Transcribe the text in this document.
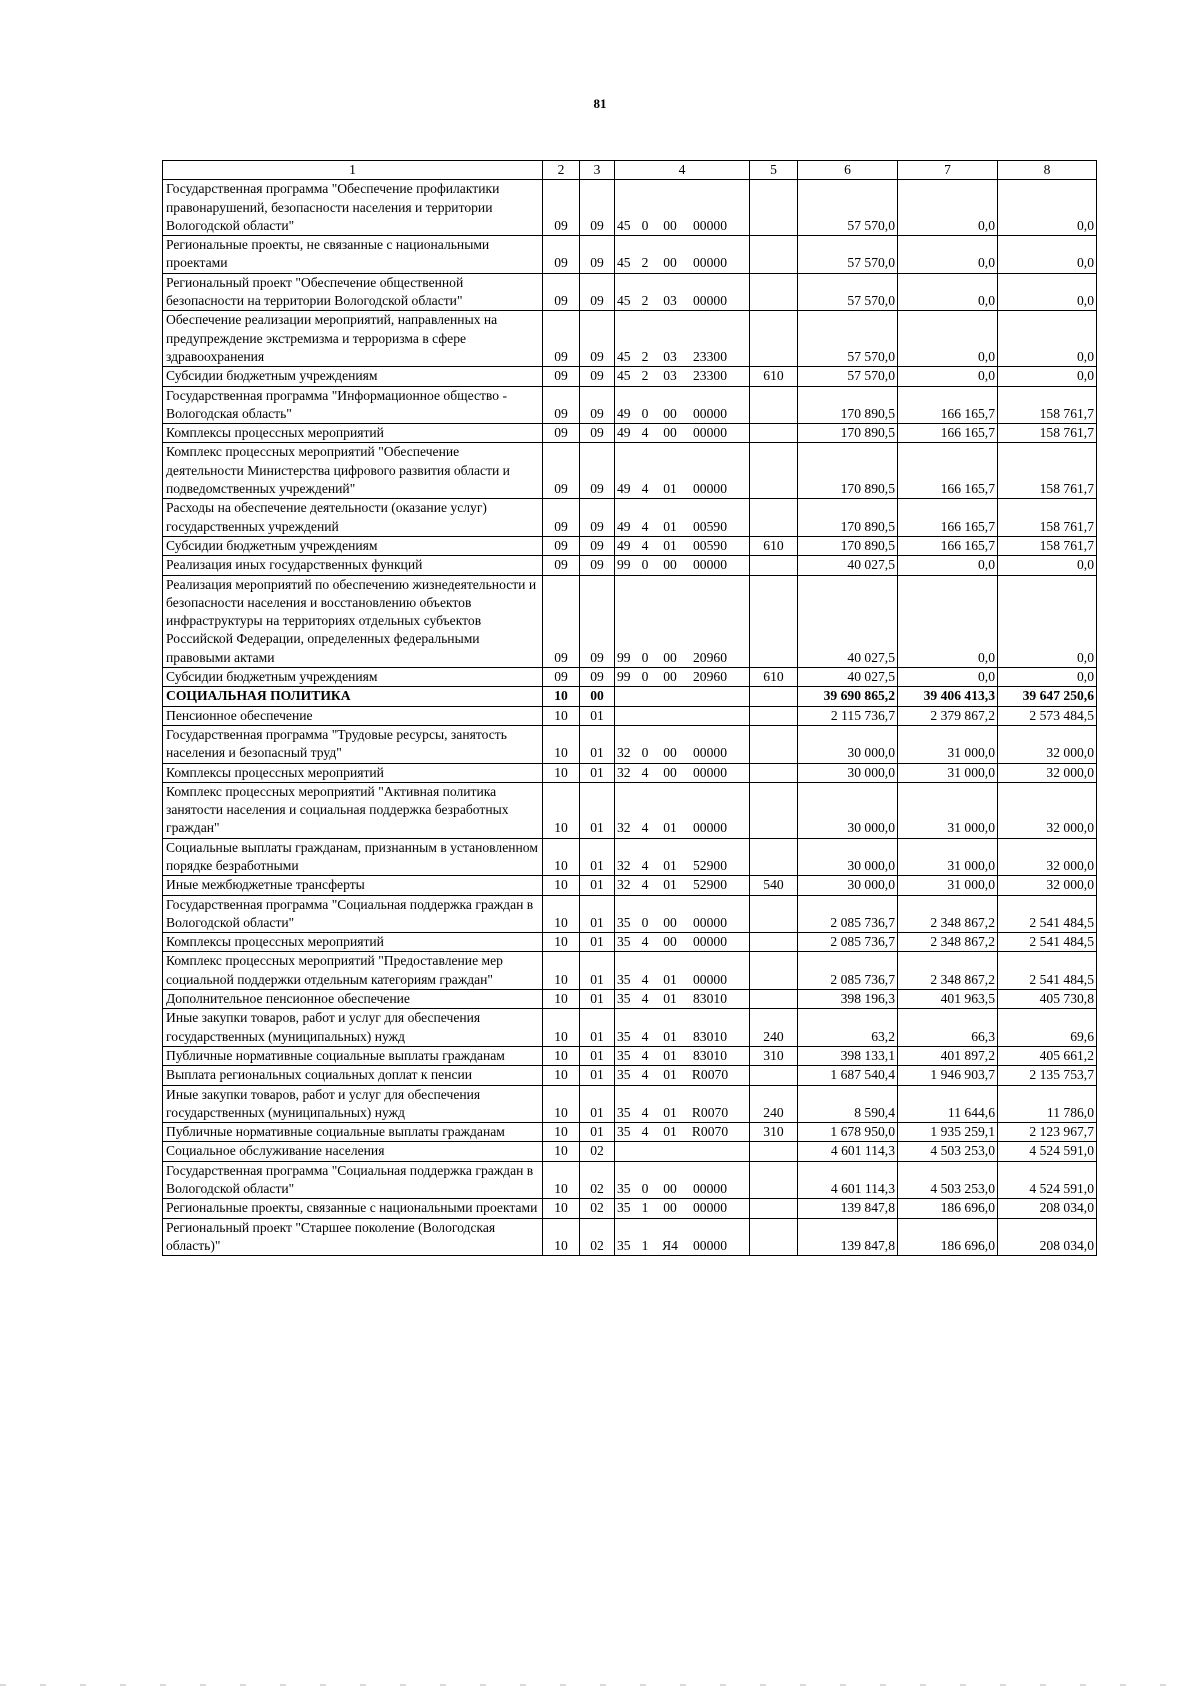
81
1	2	3	4	5	6	7	8
Государственная программа "Обеспечение профилактики правонарушений, безопасности населения и территории Вологодской области"	09	09	45 0 00 00000		57 570,0	0,0	0,0
Региональные проекты, не связанные с национальными проектами	09	09	45 2 00 00000		57 570,0	0,0	0,0
Региональный проект "Обеспечение общественной безопасности на территории Вологодской области"	09	09	45 2 03 00000		57 570,0	0,0	0,0
Обеспечение реализации мероприятий, направленных на предупреждение экстремизма и терроризма в сфере здравоохранения	09	09	45 2 03 23300		57 570,0	0,0	0,0
Субсидии бюджетным учреждениям	09	09	45 2 03 23300	610	57 570,0	0,0	0,0
Государственная программа "Информационное общество - Вологодская область"	09	09	49 0 00 00000		170 890,5	166 165,7	158 761,7
Комплексы процессных мероприятий	09	09	49 4 00 00000		170 890,5	166 165,7	158 761,7
Комплекс процессных мероприятий "Обеспечение деятельности Министерства цифрового развития области и подведомственных учреждений"	09	09	49 4 01 00000		170 890,5	166 165,7	158 761,7
Расходы на обеспечение деятельности (оказание услуг) государственных учреждений	09	09	49 4 01 00590		170 890,5	166 165,7	158 761,7
Субсидии бюджетным учреждениям	09	09	49 4 01 00590	610	170 890,5	166 165,7	158 761,7
Реализация иных государственных функций	09	09	99 0 00 00000		40 027,5	0,0	0,0
Реализация мероприятий по обеспечению жизнедеятельности и безопасности населения и восстановлению объектов инфраструктуры на территориях отдельных субъектов Российской Федерации, определенных федеральными правовыми актами	09	09	99 0 00 20960		40 027,5	0,0	0,0
Субсидии бюджетным учреждениям	09	09	99 0 00 20960	610	40 027,5	0,0	0,0
СОЦИАЛЬНАЯ ПОЛИТИКА	10	00			39 690 865,2	39 406 413,3	39 647 250,6
Пенсионное обеспечение	10	01			2 115 736,7	2 379 867,2	2 573 484,5
Государственная программа "Трудовые ресурсы, занятость населения и безопасный труд"	10	01	32 0 00 00000		30 000,0	31 000,0	32 000,0
Комплексы процессных мероприятий	10	01	32 4 00 00000		30 000,0	31 000,0	32 000,0
Комплекс процессных мероприятий "Активная политика занятости населения и социальная поддержка безработных граждан"	10	01	32 4 01 00000		30 000,0	31 000,0	32 000,0
Социальные выплаты гражданам, признанным в установленном порядке безработными	10	01	32 4 01 52900		30 000,0	31 000,0	32 000,0
Иные межбюджетные трансферты	10	01	32 4 01 52900	540	30 000,0	31 000,0	32 000,0
Государственная программа "Социальная поддержка граждан в Вологодской области"	10	01	35 0 00 00000		2 085 736,7	2 348 867,2	2 541 484,5
Комплексы процессных мероприятий	10	01	35 4 00 00000		2 085 736,7	2 348 867,2	2 541 484,5
Комплекс процессных мероприятий "Предоставление мер социальной поддержки отдельным категориям граждан"	10	01	35 4 01 00000		2 085 736,7	2 348 867,2	2 541 484,5
Дополнительное пенсионное обеспечение	10	01	35 4 01 83010		398 196,3	401 963,5	405 730,8
Иные закупки товаров, работ и услуг для обеспечения государственных (муниципальных) нужд	10	01	35 4 01 83010	240	63,2	66,3	69,6
Публичные нормативные социальные выплаты гражданам	10	01	35 4 01 83010	310	398 133,1	401 897,2	405 661,2
Выплата региональных социальных доплат к пенсии	10	01	35 4 01 R0070		1 687 540,4	1 946 903,7	2 135 753,7
Иные закупки товаров, работ и услуг для обеспечения государственных (муниципальных) нужд	10	01	35 4 01 R0070	240	8 590,4	11 644,6	11 786,0
Публичные нормативные социальные выплаты гражданам	10	01	35 4 01 R0070	310	1 678 950,0	1 935 259,1	2 123 967,7
Социальное обслуживание населения	10	02			4 601 114,3	4 503 253,0	4 524 591,0
Государственная программа "Социальная поддержка граждан в Вологодской области"	10	02	35 0 00 00000		4 601 114,3	4 503 253,0	4 524 591,0
Региональные проекты, связанные с национальными проектами	10	02	35 1 00 00000		139 847,8	186 696,0	208 034,0
Региональный проект "Старшее поколение (Вологодская область)"	10	02	35 1 Я4 00000		139 847,8	186 696,0	208 034,0
